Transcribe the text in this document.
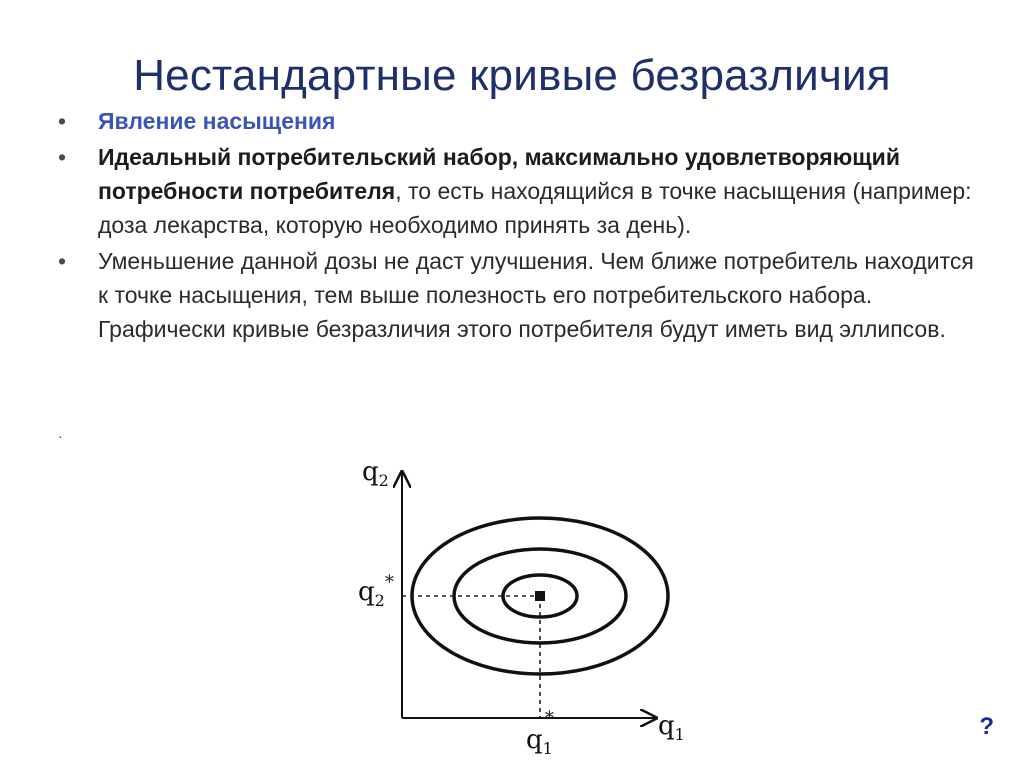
Нестандартные кривые безразличия
•	Явление насыщения
•	Идеальный потребительский набор, максимально удовлетворяющий потребности потребителя, то есть находящийся в точке насыщения (например: доза лекарства, которую необходимо принять за день).
•	Уменьшение данной дозы не даст улучшения. Чем ближе потребитель находится к точке насыщения, тем выше полезность его потребительского набора. Графически кривые безразличия этого потребителя будут иметь вид эллипсов.
·
$q_2$
$q_1$
$q_2^*$
$q_1*$	?
